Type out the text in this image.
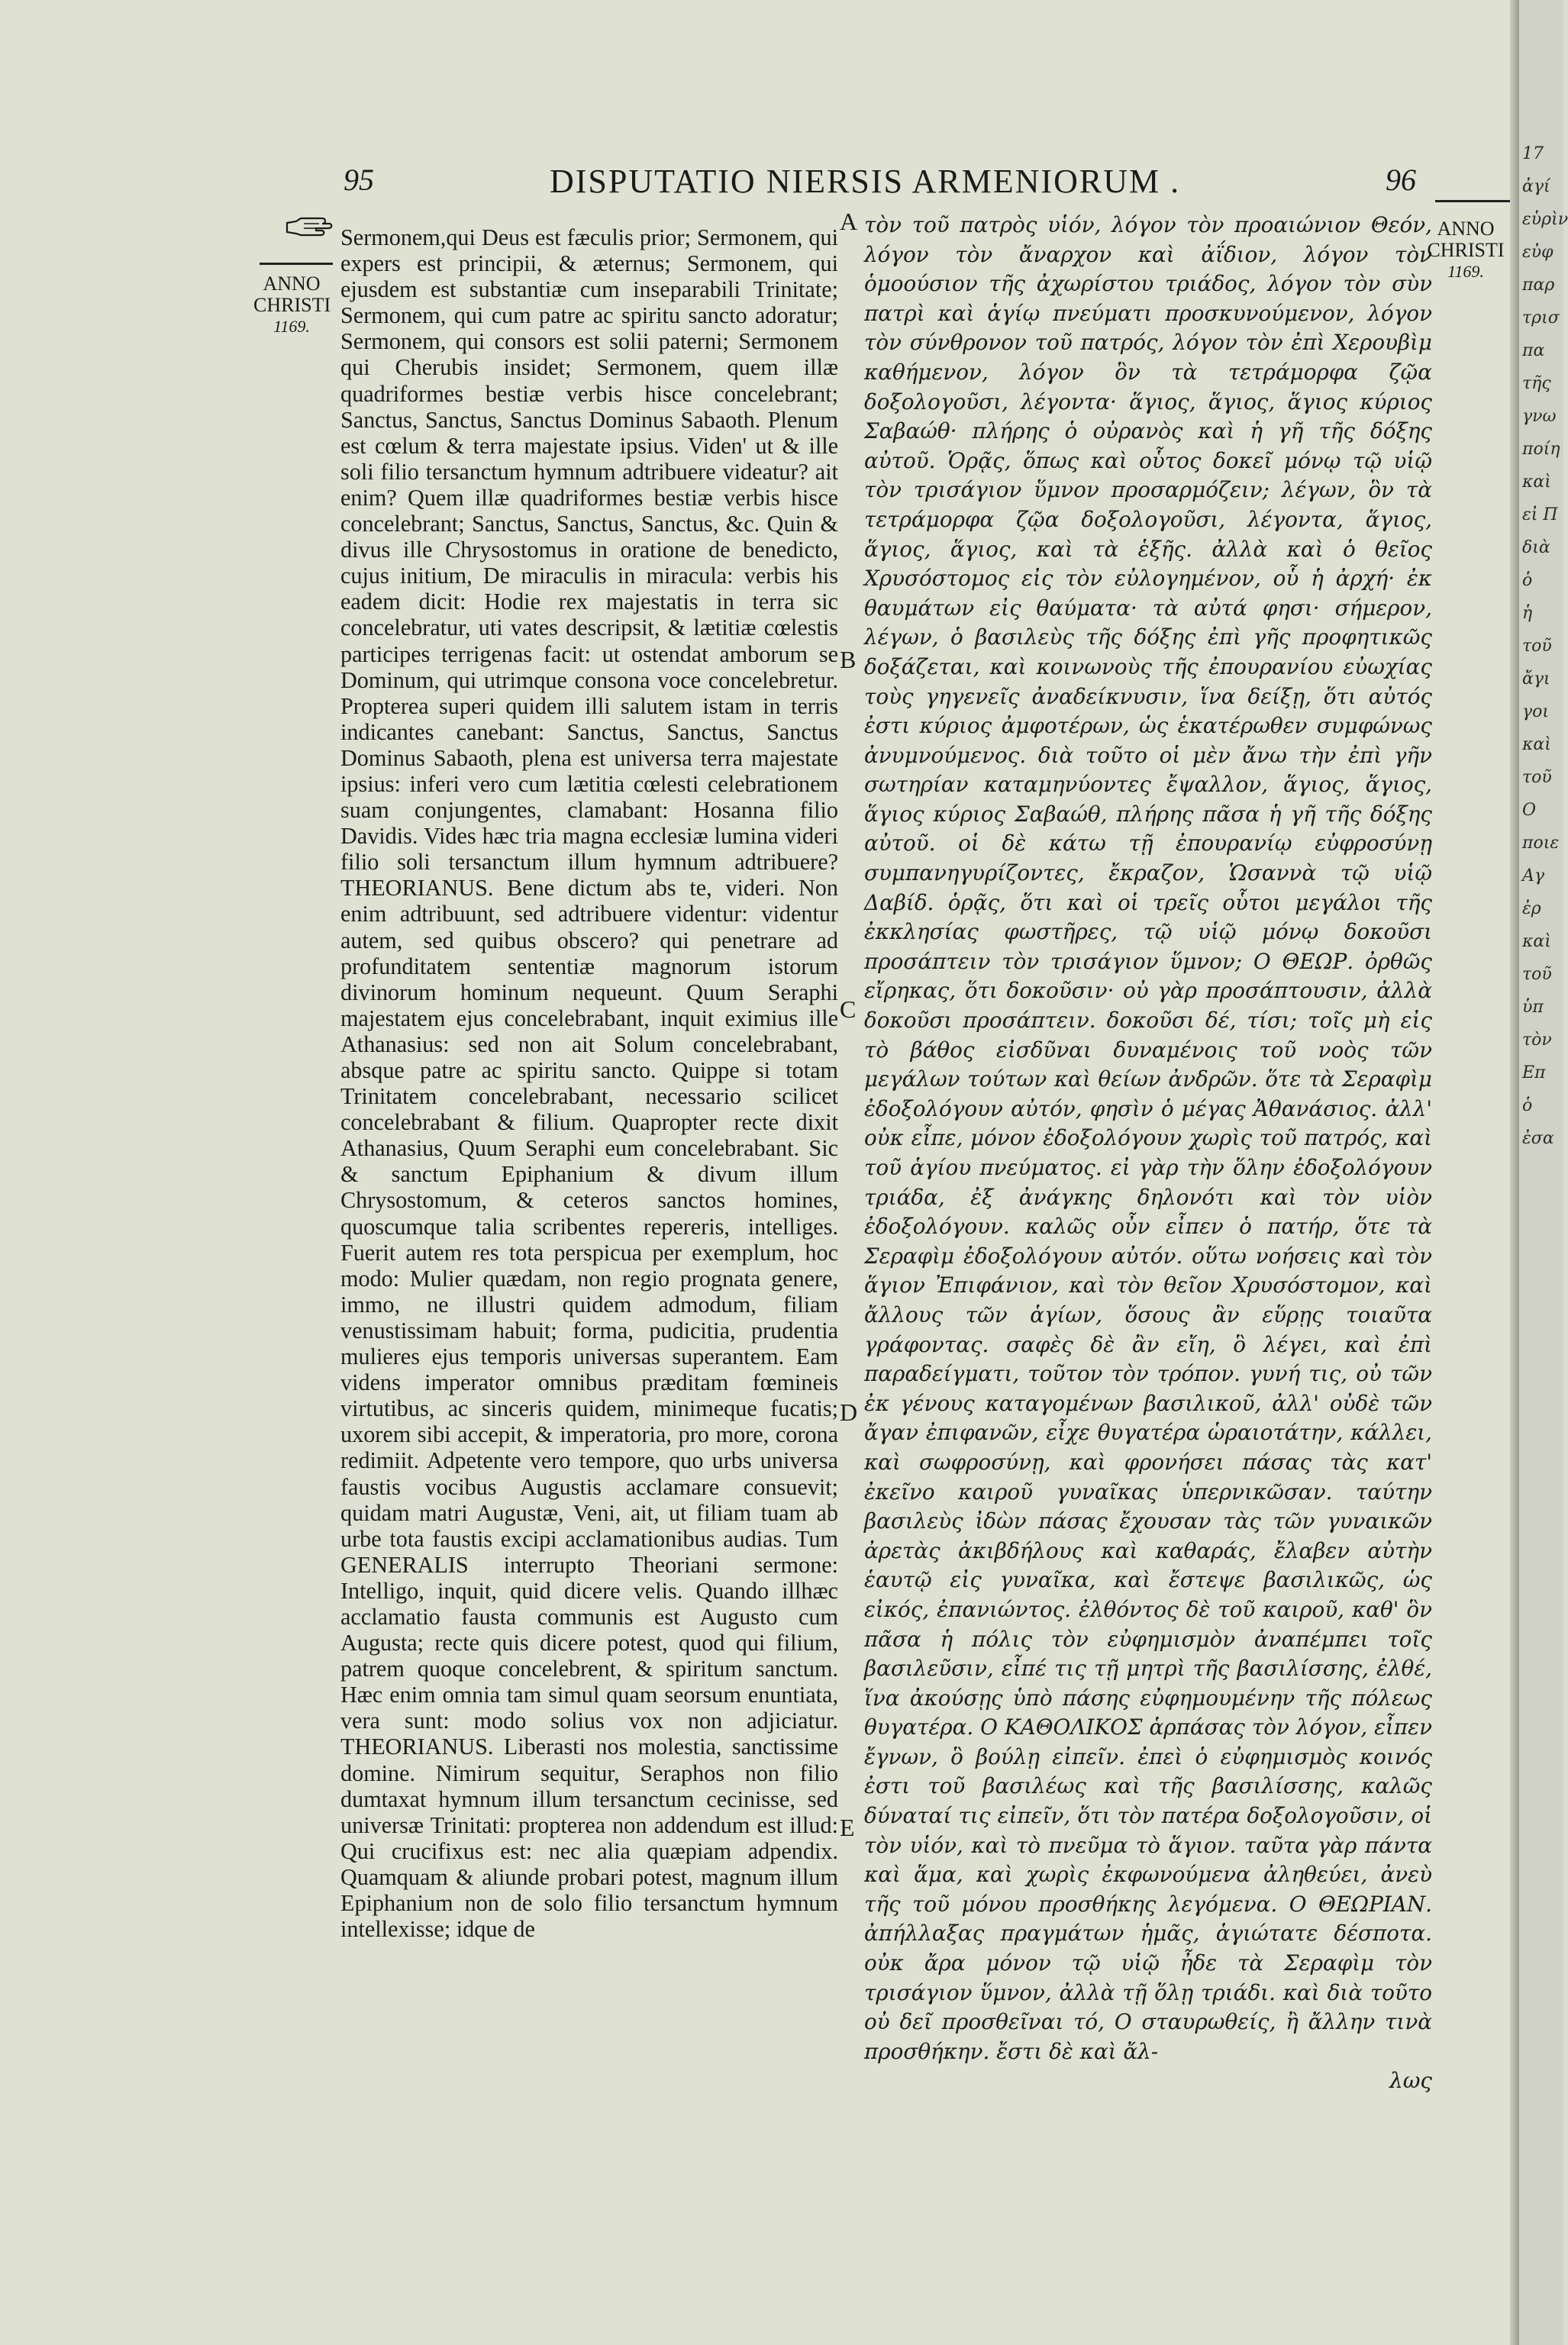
95	DISPUTATIO NIERSIS ARMENIORUM .	96
ANNO CHRISTI
1169.
ANNO CHRISTI
1169.
Sermonem,qui Deus est fæculis prior; Sermonem, qui expers est principii, & æternus; Sermonem, qui ejusdem est substantiæ cum inseparabili Trinitate; Sermonem, qui cum patre ac spiritu sancto adoratur; Sermonem, qui consors est solii paterni; Sermonem qui Cherubis insidet; Sermonem, quem illæ quadriformes bestiæ verbis hisce concelebrant; Sanctus, Sanctus, Sanctus Dominus Sabaoth. Plenum est cœlum & terra majestate ipsius. Viden' ut & ille soli filio tersanctum hymnum adtribuere videatur? ait enim? Quem illæ quadriformes bestiæ verbis hisce concelebrant; Sanctus, Sanctus, Sanctus, &c. Quin & divus ille Chrysostomus in oratione de benedicto, cujus initium, De miraculis in miracula: verbis his eadem dicit: Hodie rex majestatis in terra sic concelebratur, uti vates descripsit, & lætitiæ cœlestis participes terrigenas facit: ut ostendat amborum se Dominum, qui utrimque consona voce concelebretur. Propterea superi quidem illi salutem istam in terris indicantes canebant: Sanctus, Sanctus, Sanctus Dominus Sabaoth, plena est universa terra majestate ipsius: inferi vero cum lætitia cœlesti celebrationem suam conjungentes, clamabant: Hosanna filio Davidis. Vides hæc tria magna ecclesiæ lumina videri filio soli tersanctum illum hymnum adtribuere? THEORIANUS. Bene dictum abs te, videri. Non enim adtribuunt, sed adtribuere videntur: videntur autem, sed quibus obscero? qui penetrare ad profunditatem sententiæ magnorum istorum divinorum hominum nequeunt. Quum Seraphi majestatem ejus concelebrabant, inquit eximius ille Athanasius: sed non ait Solum concelebrabant, absque patre ac spiritu sancto. Quippe si totam Trinitatem concelebrabant, necessario scilicet concelebrabant & filium. Quapropter recte dixit Athanasius, Quum Seraphi eum concelebrabant. Sic & sanctum Epiphanium & divum illum Chrysostomum, & ceteros sanctos homines, quoscumque talia scribentes repereris, intelliges. Fuerit autem res tota perspicua per exemplum, hoc modo: Mulier quædam, non regio prognata genere, immo, ne illustri quidem admodum, filiam venustissimam habuit; forma, pudicitia, prudentia mulieres ejus temporis universas superantem. Eam videns imperator omnibus præditam fœmineis virtutibus, ac sinceris quidem, minimeque fucatis; uxorem sibi accepit, & imperatoria, pro more, corona redimiit. Adpetente vero tempore, quo urbs universa faustis vocibus Augustis acclamare consuevit; quidam matri Augustæ, Veni, ait, ut filiam tuam ab urbe tota faustis excipi acclamationibus audias. Tum GENERALIS interrupto Theoriani sermone: Intelligo, inquit, quid dicere velis. Quando illhæc acclamatio fausta communis est Augusto cum Augusta; recte quis dicere potest, quod qui filium, patrem quoque concelebrent, & spiritum sanctum. Hæc enim omnia tam simul quam seorsum enuntiata, vera sunt: modo solius vox non adjiciatur. THEORIANUS. Liberasti nos molestia, sanctissime domine. Nimirum sequitur, Seraphos non filio dumtaxat hymnum illum tersanctum cecinisse, sed universæ Trinitati: propterea non addendum est illud: Qui crucifixus est: nec alia quæpiam adpendix. Quamquam & aliunde probari potest, magnum illum Epiphanium non de solo filio tersanctum hymnum intellexisse; idque de
A
B
C
D
E
τὸν τοῦ πατρὸς υἱόν, λόγον τὸν προαιώνιον Θεόν, λόγον τὸν ἄναρχον καὶ ἀΐδιον, λόγον τὸν ὁμοούσιον τῆς ἀχωρίστου τριάδος, λόγον τὸν σὺν πατρὶ καὶ ἁγίῳ πνεύματι προσκυνούμενον, λόγον τὸν σύνθρονον τοῦ πατρός, λόγον τὸν ἐπὶ Χερουβὶμ καθήμενον, λόγον ὃν τὰ τετράμορφα ζῷα δοξολογοῦσι, λέγοντα· ἅγιος, ἅγιος, ἅγιος κύριος Σαβαώθ· πλήρης ὁ οὐρανὸς καὶ ἡ γῆ τῆς δόξης αὐτοῦ. Ὁρᾷς, ὅπως καὶ οὗτος δοκεῖ μόνῳ τῷ υἱῷ τὸν τρισάγιον ὕμνον προσαρμόζειν; λέγων, ὃν τὰ τετράμορφα ζῷα δοξολογοῦσι, λέγοντα, ἅγιος, ἅγιος, ἅγιος, καὶ τὰ ἑξῆς. ἀλλὰ καὶ ὁ θεῖος Χρυσόστομος εἰς τὸν εὐλογημένον, οὗ ἡ ἀρχή· ἐκ θαυμάτων εἰς θαύματα· τὰ αὐτά φησι· σήμερον, λέγων, ὁ βασιλεὺς τῆς δόξης ἐπὶ γῆς προφητικῶς δοξάζεται, καὶ κοινωνοὺς τῆς ἐπουρανίου εὐωχίας τοὺς γηγενεῖς ἀναδείκνυσιν, ἵνα δείξῃ, ὅτι αὐτός ἐστι κύριος ἀμφοτέρων, ὡς ἑκατέρωθεν συμφώνως ἀνυμνούμενος. διὰ τοῦτο οἱ μὲν ἄνω τὴν ἐπὶ γῆν σωτηρίαν καταμηνύοντες ἔψαλλον, ἅγιος, ἅγιος, ἅγιος κύριος Σαβαώθ, πλήρης πᾶσα ἡ γῆ τῆς δόξης αὐτοῦ. οἱ δὲ κάτω τῇ ἐπουρανίῳ εὐφροσύνῃ συμπανηγυρίζοντες, ἔκραζον, Ὡσαννὰ τῷ υἱῷ Δαβίδ. ὁρᾷς, ὅτι καὶ οἱ τρεῖς οὗτοι μεγάλοι τῆς ἐκκλησίας φωστῆρες, τῷ υἱῷ μόνῳ δοκοῦσι προσάπτειν τὸν τρισάγιον ὕμνον; Ο ΘΕΩΡ. ὀρθῶς εἴρηκας, ὅτι δοκοῦσιν· οὐ γὰρ προσάπτουσιν, ἀλλὰ δοκοῦσι προσάπτειν. δοκοῦσι δέ, τίσι; τοῖς μὴ εἰς τὸ βάθος εἰσδῦναι δυναμένοις τοῦ νοὸς τῶν μεγάλων τούτων καὶ θείων ἀνδρῶν. ὅτε τὰ Σεραφὶμ ἐδοξολόγουν αὐτόν, φησὶν ὁ μέγας Ἀθανάσιος. ἀλλ' οὐκ εἶπε, μόνον ἐδοξολόγουν χωρὶς τοῦ πατρός, καὶ τοῦ ἁγίου πνεύματος. εἰ γὰρ τὴν ὅλην ἐδοξολόγουν τριάδα, ἐξ ἀνάγκης δηλονότι καὶ τὸν υἱὸν ἐδοξολόγουν. καλῶς οὖν εἶπεν ὁ πατήρ, ὅτε τὰ Σεραφὶμ ἐδοξολόγουν αὐτόν. οὕτω νοήσεις καὶ τὸν ἅγιον Ἐπιφάνιον, καὶ τὸν θεῖον Χρυσόστομον, καὶ ἄλλους τῶν ἁγίων, ὅσους ἂν εὕρῃς τοιαῦτα γράφοντας. σαφὲς δὲ ἂν εἴη, ὃ λέγει, καὶ ἐπὶ παραδείγματι, τοῦτον τὸν τρόπον. γυνή τις, οὐ τῶν ἐκ γένους καταγομένων βασιλικοῦ, ἀλλ' οὐδὲ τῶν ἄγαν ἐπιφανῶν, εἶχε θυγατέρα ὡραιοτάτην, κάλλει, καὶ σωφροσύνῃ, καὶ φρονήσει πάσας τὰς κατ' ἐκεῖνο καιροῦ γυναῖκας ὑπερνικῶσαν. ταύτην βασιλεὺς ἰδὼν πάσας ἔχουσαν τὰς τῶν γυναικῶν ἀρετὰς ἀκιβδήλους καὶ καθαράς, ἔλαβεν αὐτὴν ἑαυτῷ εἰς γυναῖκα, καὶ ἔστεψε βασιλικῶς, ὡς εἰκός, ἐπανιώντος. ἐλθόντος δὲ τοῦ καιροῦ, καθ' ὃν πᾶσα ἡ πόλις τὸν εὐφημισμὸν ἀναπέμπει τοῖς βασιλεῦσιν, εἶπέ τις τῇ μητρὶ τῆς βασιλίσσης, ἐλθέ, ἵνα ἀκούσῃς ὑπὸ πάσης εὐφημουμένην τῆς πόλεως θυγατέρα. Ο ΚΑΘΟΛΙΚΟΣ ἁρπάσας τὸν λόγον, εἶπεν ἔγνων, ὃ βούλῃ εἰπεῖν. ἐπεὶ ὁ εὐφημισμὸς κοινός ἐστι τοῦ βασιλέως καὶ τῆς βασιλίσσης, καλῶς δύναταί τις εἰπεῖν, ὅτι τὸν πατέρα δοξολογοῦσιν, οἱ τὸν υἱόν, καὶ τὸ πνεῦμα τὸ ἅγιον. ταῦτα γὰρ πάντα καὶ ἅμα, καὶ χωρὶς ἐκφωνούμενα ἀληθεύει, ἀνεὺ τῆς τοῦ μόνου προσθήκης λεγόμενα. Ο ΘΕΩΡΙΑΝ. ἀπήλλαξας πραγμάτων ἡμᾶς, ἁγιώτατε δέσποτα. οὐκ ἄρα μόνον τῷ υἱῷ ἦδε τὰ Σεραφὶμ τὸν τρισάγιον ὕμνον, ἀλλὰ τῇ ὅλῃ τριάδι. καὶ διὰ τοῦτο οὐ δεῖ προσθεῖναι τό, Ο σταυρωθείς, ἢ ἄλλην τινὰ προσθήκην. ἔστι δὲ καὶ ἄλ-
λως
17
ἀγί
εὑρὶν
εὐφ
παρ
τρισ
πα
τῆς
γνω
ποίη
καὶ
εἰ Π
διὰ
ὁ
ἡ
τοῦ
ἄγι
γοι
καὶ
τοῦ
Ο
ποιε
Αγ
ἐρ
καὶ
τοῦ
ὑπ
τὸν
Επ
ὁ
ἐσα
